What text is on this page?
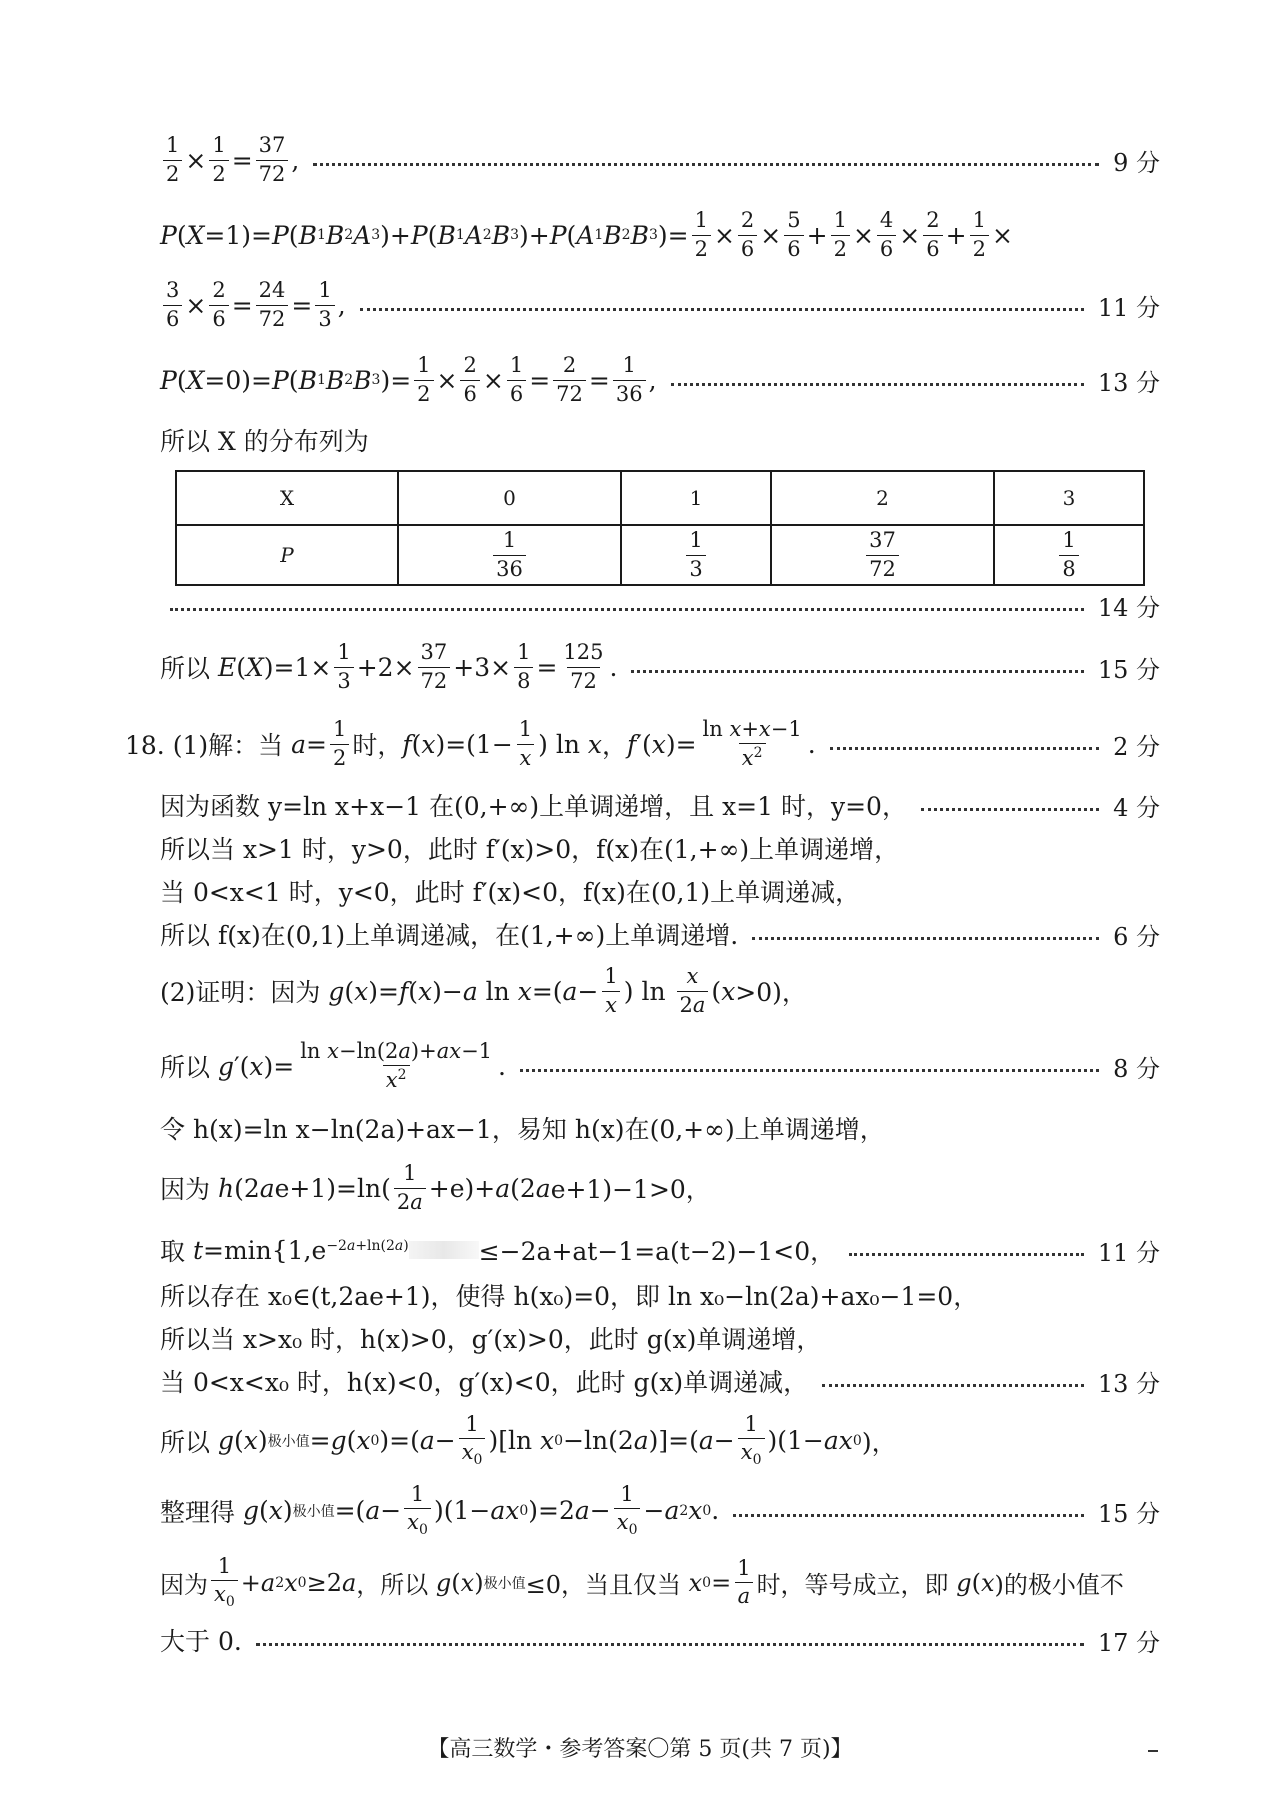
$\frac{1}{2} \times \frac{1}{2} = \frac{37}{72}$ ,	9 分
P ( X =1)= P ( B 1 B 2 A 3 )+ P ( B 1 A 2 B 3 )+ P ( A 1 B 2 B 3 )= $\frac{1}{2} \times \frac{2}{6} \times \frac{5}{6} + \frac{1}{2} \times \frac{4}{6} \times \frac{2}{6} + \frac{1}{2}$ ×
$\frac{3}{6} \times \frac{2}{6} = \frac{24}{72} = \frac{1}{3}$ ,	11 分
P ( X =0)= P ( B 1 B 2 B 3 )= $\frac{1}{2} \times \frac{2}{6} \times \frac{1}{6} = \frac{2}{72} = \frac{1}{36}$ ,	13 分
所以 X 的分布列为
X	0	1	2	3
P	$\frac{1}{36}$	$\frac{1}{3}$	$\frac{37}{72}$	$\frac{1}{8}$
14 分
所以 E ( X )$=1\times \frac{1}{3} +2\times \frac{37}{72} +3\times \frac{1}{8} = \frac{125}{72}$ .	15 分
18. (1)解：当 $a = \frac{1}{2}$ 时， f ( x )$=(1- \frac{1}{x}$ ) ln x ， f ′( x )= $\frac{\text{ln x+x−1}}{x^2}$ .	2 分
因为函数 y=ln x+x−1 在(0,+∞)上单调递增，且 x=1 时，y=0，	4 分
所以当 x>1 时，y>0，此时 f′(x)>0，f(x)在(1,+∞)上单调递增，
当 0<x<1 时，y<0，此时 f′(x)<0，f(x)在(0,1)上单调递减，
所以 f(x)在(0,1)上单调递减，在(1,+∞)上单调递增.	6 分
(2)证明：因为 g ( x )= f ( x )− a ln x =( $a - \frac{1}{x}$ ) $\ln \frac{x}{2a}$ ( x >0)，
所以 g ′( x )= $\frac{\text{ln x−ln(2a)+ax−1}}{x^2}$ .	8 分
令 h(x)=ln x−ln(2a)+ax−1，易知 h(x)在(0,+∞)上单调递增，
因为 h (2 a $e+1)=\ln( \frac{1}{2a} +e)+ a$ (2 a e+1)−1>0，
取 $t =\min\{1,e^{-2a+ln(2a)}$	≤−2a+at−1=a(t−2)−1<0，	11 分
所以存在 x₀∈(t,2ae+1)，使得 h(x₀)=0，即 ln x₀−ln(2a)+ax₀−1=0，
所以当 x>x₀ 时，h(x)>0，g′(x)>0，此时 g(x)单调递增，
当 0<x<x₀ 时，h(x)<0，g′(x)<0，此时 g(x)单调递减，	13 分
所以 g ( x ) 极小值 = g ( x 0 )=( $a - \frac{1}{x_0} )[\ln$ x 0 −ln(2 a )]=( $a - \frac{1}{x_0} )(1- a$ x 0 )，
整理得 g ( x ) 极小值 =( $a - \frac{1}{x_0} )(1- a$ x 0 )=2 $a - \frac{1}{x_0} - a$ 2 x 0 .	15 分
因为 $\frac{1}{x_0} + a$ 2 x 0 ≥2 a ，所以 g ( x ) 极小值 ≤0，当且仅当 x $0 = \frac{1}{a}$ 时，等号成立，即 g ( x )的极小值不
大于 0.	17 分
【高三数学・参考答案〇第 5 页(共 7 页)】
